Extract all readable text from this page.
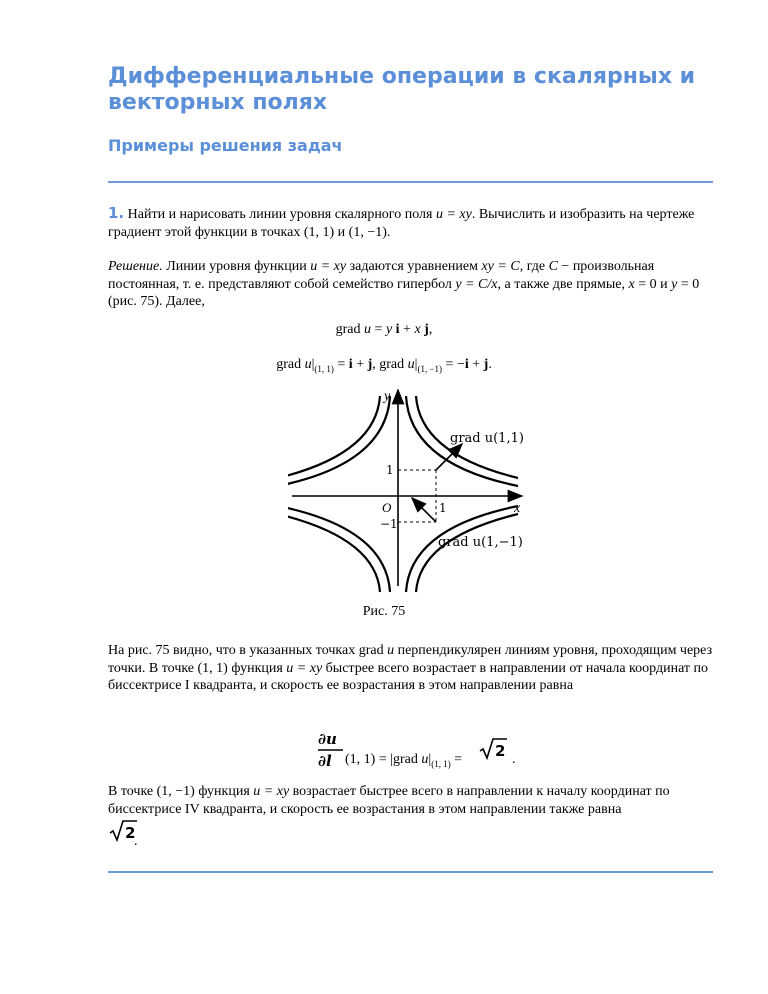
Дифференциальные операции в скалярных и векторных полях
Примеры решения задач

1. Найти и нарисовать линии уровня скалярного поля u = xy. Вычислить и изобразить на чертеже градиент этой функции в точках (1, 1) и (1, −1).

Решение. Линии уровня функции u = xy задаются уравнением xy = C, где C − произвольная постоянная, т. е. представляют собой семейство гипербол y = C/x, а также две прямые, x = 0 и y = 0 (рис. 75). Далее,

grad u = y i + x j,

grad $u|_{(1, 1)} = i + j$, grad $u|_{(1, -1)} = -i + j$.

y
x
O	1
1
−1
grad u(1,1)
grad u(1,−1)
Рис. 75

На рис. 75 видно, что в указанных точках grad u перпендикулярен линиям уровня, проходящим через точки. В точке (1, 1) функция u = xy быстрее всего возрастает в направлении от начала координат по биссектрисе I квадранта, и скорость ее возрастания в этом направлении равна

∂u
∂l (1, 1) = |grad $u|_{(1, 1)} = 2$ .

В точке (1, −1) функция u = xy возрастает быстрее всего в направлении к началу координат по биссектрисе IV квадранта, и скорость ее возрастания в этом направлении также равна

2
.
